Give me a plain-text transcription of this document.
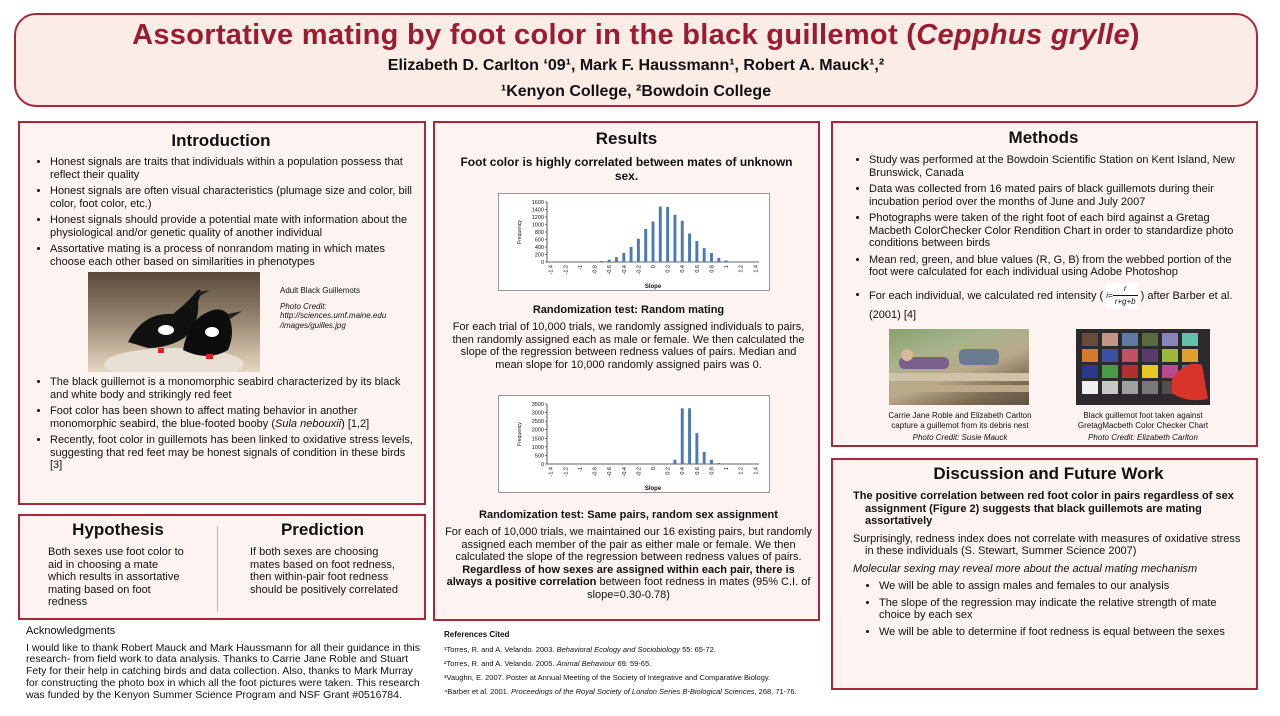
Assortative mating by foot color in the black guillemot (Cepphus grylle)
Elizabeth D. Carlton ‘09¹, Mark F. Haussmann¹, Robert A. Mauck¹,²
¹Kenyon College, ²Bowdoin College
Introduction
• Honest signals are traits that individuals within a population possess that reflect their quality
• Honest signals are often visual characteristics (plumage size and color, bill color, foot color, etc.)
• Honest signals should provide a potential mate with information about the physiological and/or genetic quality of another individual
• Assortative mating is a process of nonrandom mating in which mates choose each other based on similarities in phenotypes
Adult Black Guillemots
Photo Credit:
http://sciences.umf.maine.edu /images/guilles.jpg
• The black guillemot is a monomorphic seabird characterized by its black and white body and strikingly red feet
• Foot color has been shown to affect mating behavior in another monomorphic seabird, the blue-footed booby (Sula nebouxii) [1,2]
• Recently, foot color in guillemots has been linked to oxidative stress levels, suggesting that red feet may be honest signals of condition in these birds [3]
Hypothesis
Both sexes use foot color to aid in choosing a mate which results in assortative mating based on foot redness
Prediction
If both sexes are choosing mates based on foot redness, then within-pair foot redness should be positively correlated
Acknowledgments
I would like to thank Robert Mauck and Mark Haussmann for all their guidance in this research- from field work to data analysis. Thanks to Carrie Jane Roble and Stuart Fety for their help in catching birds and data collection. Also, thanks to Mark Murray for constructing the photo box in which all the foot pictures were taken. This research was funded by the Kenyon Summer Science Program and NSF Grant #0516784.
Results
Foot color is highly correlated between mates of unknown sex.
0
200
400
600
800
1000
1200
1400
1600
Frequency
-1.4 -1.2 -1 -0.8 -0.6 -0.4 -0.2 0 0.2 0.4 0.6 0.8 1 1.2 1.4
Slope
Randomization test: Random mating
For each trial of 10,000 trials, we randomly assigned individuals to pairs, then randomly assigned each as male or female. We then calculated the slope of the regression between redness values of pairs. Median and mean slope for 10,000 randomly assigned pairs was 0.
0
500
1000
1500
2000
2500
3000
3500
Frequency
-1.4 -1.2 -1 -0.8 -0.6 -0.4 -0.2 0 0.2 0.4 0.6 0.8 1 1.2 1.4
Slope
Randomization test: Same pairs, random sex assignment
For each of 10,000 trials, we maintained our 16 existing pairs, but randomly assigned each member of the pair as either male or female. We then calculated the slope of the regression between redness values of pairs. Regardless of how sexes are assigned within each pair, there is always a positive correlation between foot redness in mates (95% C.I. of slope=0.30-0.78)
References Cited
¹Torres, R. and A. Velando. 2003. Behavioral Ecology and Sociobiology 55: 65-72.
²Torres, R. and A. Velando. 2005. Animal Behaviour 69: 59-65.
³Vaughn, E. 2007. Poster at Annual Meeting of the Society of Integrative and Comparative Biology.
⁴Barber et al. 2001. Proceedings of the Royal Society of London Series B-Biological Sciences, 268, 71-76.
Methods
• Study was performed at the Bowdoin Scientific Station on Kent Island, New Brunswick, Canada
• Data was collected from 16 mated pairs of black guillemots during their incubation period over the months of June and July 2007
• Photographs were taken of the right foot of each bird against a Gretag Macbeth ColorChecker Color Rendition Chart in order to standardize photo conditions between birds
• Mean red, green, and blue values (R, G, B) from the webbed portion of the foot were calculated for each individual using Adobe Photoshop
• For each individual, we calculated red intensity ( $i= \frac{r}{r+g+b}$ ) after Barber et al. (2001) [4]
Carrie Jane Roble and Elizabeth Carlton capture a guillemot from its debris nest
Photo Credit: Susie Mauck
Black guillemot foot taken against GretagMacbeth Color Checker Chart
Photo Credit: Elizabeth Carlton
Discussion and Future Work
The positive correlation between red foot color in pairs regardless of sex assignment (Figure 2) suggests that black guillemots are mating assortatively
Surprisingly, redness index does not correlate with measures of oxidative stress in these individuals (S. Stewart, Summer Science 2007)
Molecular sexing may reveal more about the actual mating mechanism
• We will be able to assign males and females to our analysis
• The slope of the regression may indicate the relative strength of mate choice by each sex
• We will be able to determine if foot redness is equal between the sexes
